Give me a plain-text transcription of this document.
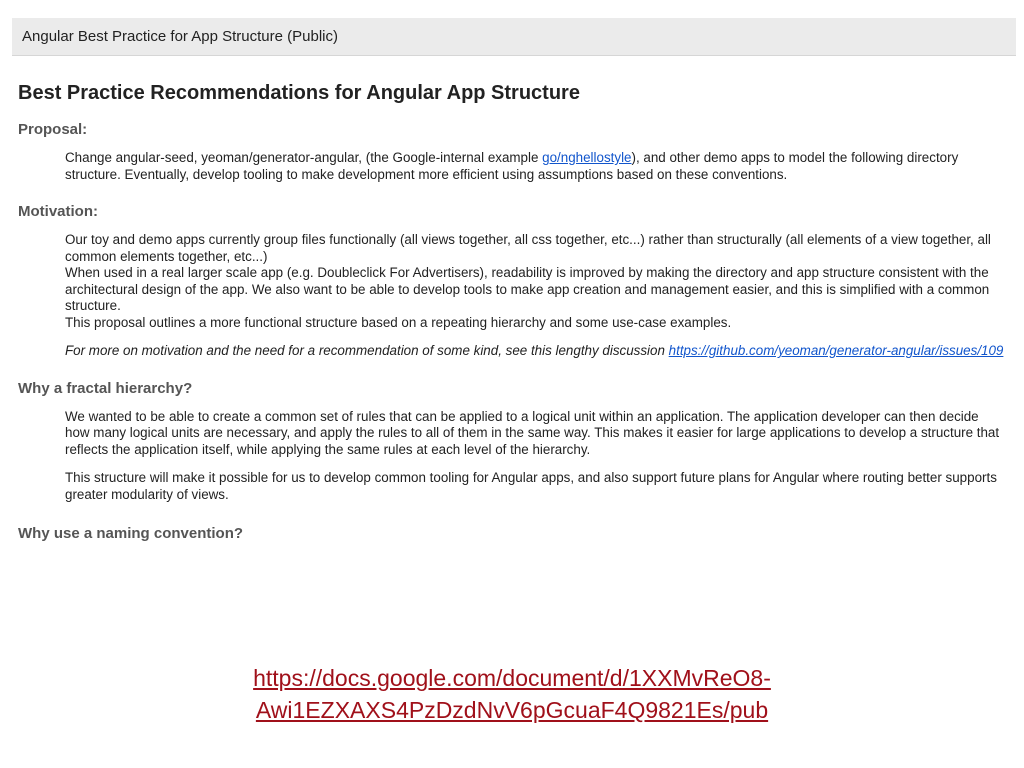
Angular Best Practice for App Structure (Public)
Best Practice Recommendations for Angular App Structure
Proposal:
Change angular-seed, yeoman/generator-angular, (the Google-internal example go/nghellostyle), and other demo apps to model the following directory structure. Eventually, develop tooling to make development more efficient using assumptions based on these conventions.
Motivation:
Our toy and demo apps currently group files functionally (all views together, all css together, etc...) rather than structurally (all elements of a view together, all common elements together, etc...)
When used in a real larger scale app (e.g. Doubleclick For Advertisers), readability is improved by making the directory and app structure consistent with the architectural design of the app. We also want to be able to develop tools to make app creation and management easier, and this is simplified with a common structure.
This proposal outlines a more functional structure based on a repeating hierarchy and some use-case examples.
For more on motivation and the need for a recommendation of some kind, see this lengthy discussion https://github.com/yeoman/generator-angular/issues/109
Why a fractal hierarchy?
We wanted to be able to create a common set of rules that can be applied to a logical unit within an application. The application developer can then decide how many logical units are necessary, and apply the rules to all of them in the same way. This makes it easier for large applications to develop a structure that reflects the application itself, while applying the same rules at each level of the hierarchy.
This structure will make it possible for us to develop common tooling for Angular apps, and also support future plans for Angular where routing better supports greater modularity of views.
Why use a naming convention?
https://docs.google.com/document/d/1XXMvReO8-
Awi1EZXAXS4PzDzdNvV6pGcuaF4Q9821Es/pub
